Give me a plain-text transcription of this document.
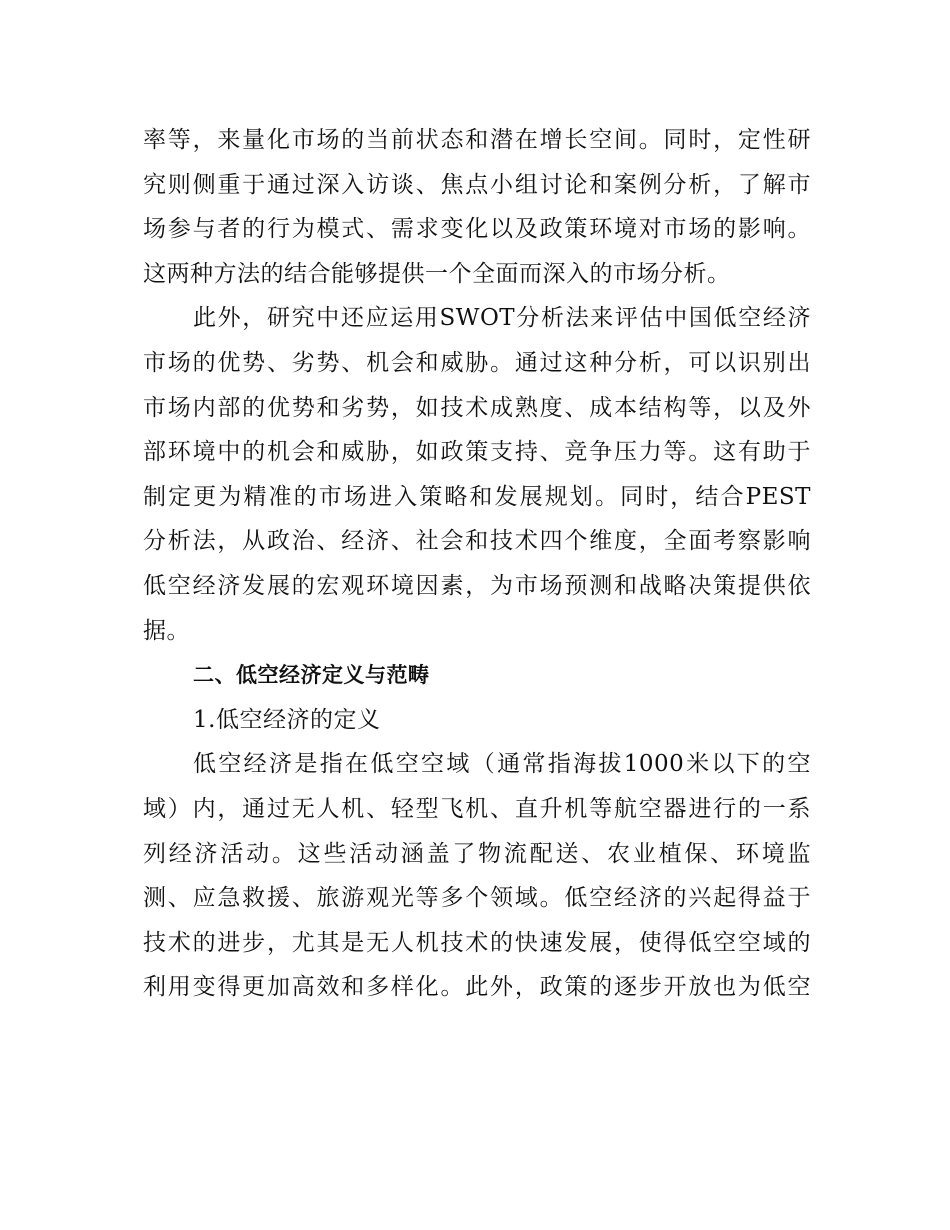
率等，来量化市场的当前状态和潜在增长空间。同时，定性研
究则侧重于通过深入访谈、焦点小组讨论和案例分析，了解市
场参与者的行为模式、需求变化以及政策环境对市场的影响。
这两种方法的结合能够提供一个全面而深入的市场分析。
此外，研究中还应运用SWOT分析法来评估中国低空经济
市场的优势、劣势、机会和威胁。通过这种分析，可以识别出
市场内部的优势和劣势，如技术成熟度、成本结构等，以及外
部环境中的机会和威胁，如政策支持、竞争压力等。这有助于
制定更为精准的市场进入策略和发展规划。同时，结合PEST
分析法，从政治、经济、社会和技术四个维度，全面考察影响
低空经济发展的宏观环境因素，为市场预测和战略决策提供依
据。
二、低空经济定义与范畴
1.低空经济的定义
低空经济是指在低空空域（通常指海拔1000米以下的空
域）内，通过无人机、轻型飞机、直升机等航空器进行的一系
列经济活动。这些活动涵盖了物流配送、农业植保、环境监
测、应急救援、旅游观光等多个领域。低空经济的兴起得益于
技术的进步，尤其是无人机技术的快速发展，使得低空空域的
利用变得更加高效和多样化。此外，政策的逐步开放也为低空
